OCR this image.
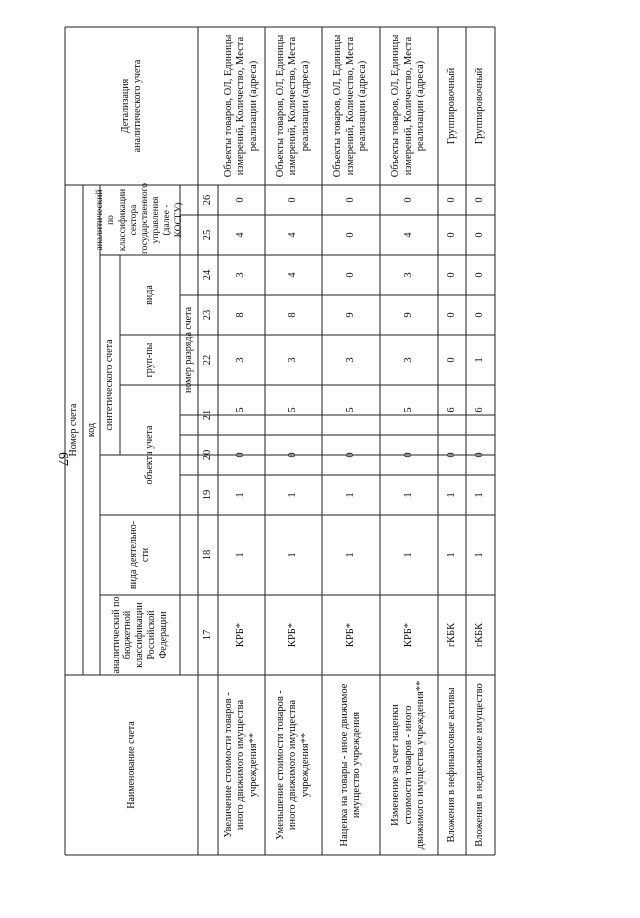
67
Наименование счета
Номер счета код
аналитический по бюджетной классификации Российской Федерации
вида деятельно-сти
синтетического счета
объекта учета
груп-пы
вида
аналитический по классификации сектора государственного управления (далее - КОСГУ)
номер разряда счета
Детализация аналитического учета
17
18
19
20
21
22
23
24
25
26
Увеличение стоимости товаров - иного движимого имущества учреждения**
КРБ*
1
1
0
5
3
8
3
4
0
Объекты товаров, ОЛ, Единицы измерений, Количество, Места реализации (адреса)
Уменьшение стоимости товаров - иного движимого имущества учреждения**
КРБ*
1
1
0
5
3
8
4
4
0
Объекты товаров, ОЛ, Единицы измерений, Количество, Места реализации (адреса)
Наценка на товары - иное движимое имущество учреждения
КРБ*
1
1
0
5
3
9
0
0
0
Объекты товаров, ОЛ, Единицы измерений, Количество, Места реализации (адреса)
Изменение за счет наценки стоимости товаров - иного движимого имущества учреждения**
КРБ*
1
1
0
5
3
9
3
4
0
Объекты товаров, ОЛ, Единицы измерений, Количество, Места реализации (адреса)
Вложения в нефинансовые активы
гКБК
1
1
0
6
0
0
0
0
0
Группировочный
Вложения в недвижимое имущество
гКБК
1
1
0
6
1
0
0
0
0
Группировочный
